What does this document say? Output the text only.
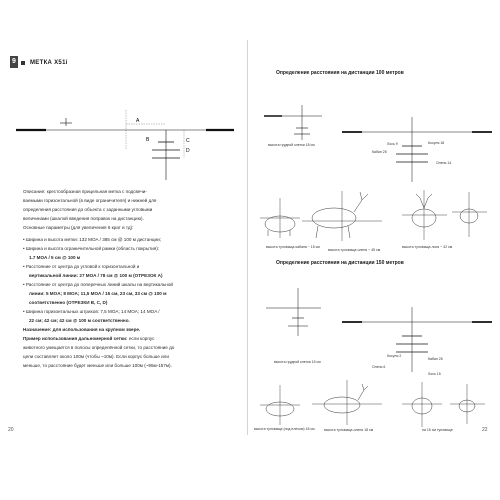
9	МЕТКА X51i
A
B	C
D
Описание: крестообразная прицельная метка с подсвечи-
ваемыми горизонтальной (в виде ограничителя) и нижней для
определения расстояния до объекта с заданными угловыми
величинами (шкалой введения поправок на дистанцию).
Основные параметры (для увеличения 6 крат и тд):
• Ширина и высота метки: 132 MOA / 385 см @ 100 м дистанции;
• Ширина и высота ограничительной рамки (область покрытия):
1.7 MOA / 5 см @ 100 м
• Расстояние от центра до угловой к горизонтальной и
вертикальной линии: 27 MOA / 78 см @ 100 м (ОТРЕЗОК A)
• Расстояние от центра до поперечных линий шкалы на вертикальной
линии: 5 MOA; 8 MOA; 11,5 MOA / 15 см, 23 см, 33 см @ 100 м
соответственно (ОТРЕЗКИ B, C, D)
• Ширина горизонтальных штрихов: 7,5 MOA; 14 MOA; 14 MOA /
22 см; 42 см; 42 см @ 100 м соответственно.
Назначение: для использования на крупном звере.
Пример использования дальномерной сетки: если корпус
животного умещается в полосы определённой сетки, то расстояние до
цели составляет около 100м (чтобы ~10м). Если корпус больше или
меньше, то расстояние будет меньше или больше 100м (~95м-157м).
20
Определение расстояния на дистанции 100 метров
высота грудной клетки 18 см	Лось 9
Кабан 25
Косуля 18
Олень 14
высота туловища кабана ~ 15 см
высота туловища оленя ~ 45 см
высота туловища лося ~ 42 см
Определение расстояния на дистанции 150 метров
высота грудной клетки 15 см
Косуля 2
Кабан 26
Олень 6
Лось 15
высота туловища (под плечом) 18 см	высота туловища оленя 18 см	на 15 см туловище	22
